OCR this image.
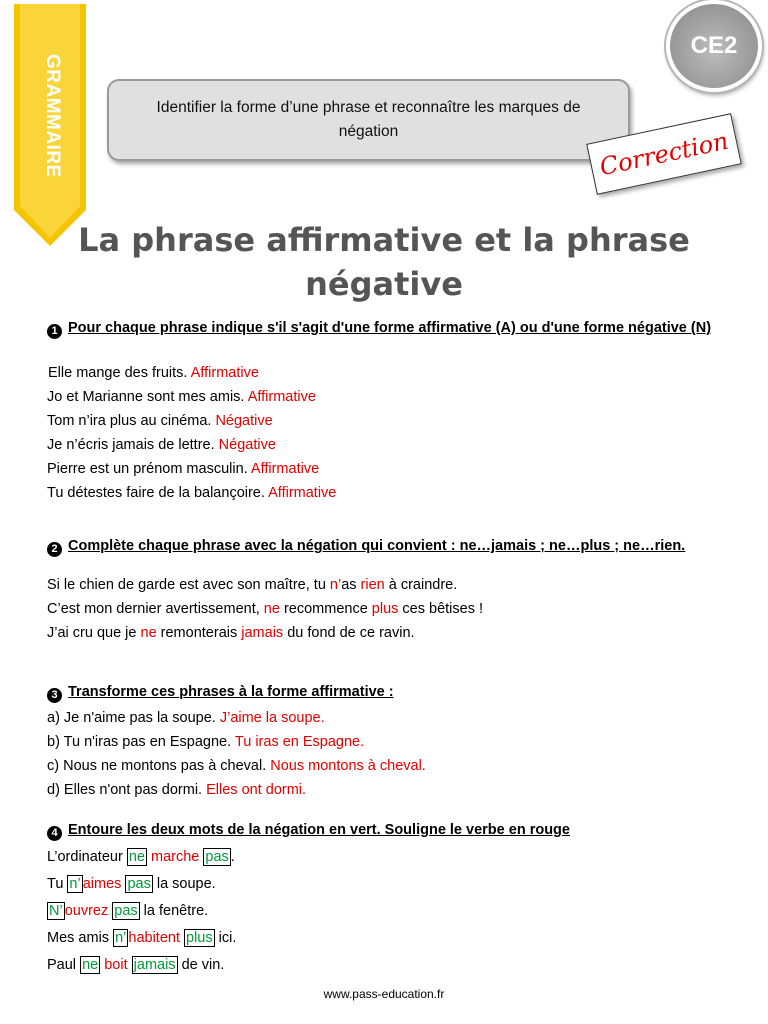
GRAMMAIRE	Identifier la forme d’une phrase et reconnaître les marques de négation
CE2
Correction
La phrase affirmative et la phrase négative
1 Pour chaque phrase indique s'il s'agit d'une forme affirmative (A) ou d'une forme négative (N)
Elle mange des fruits. Affirmative
Jo et Marianne sont mes amis. Affirmative
Tom n’ira plus au cinéma. Négative
Je n’écris jamais de lettre. Négative
Pierre est un prénom masculin. Affirmative
Tu détestes faire de la balançoire. Affirmative
2 Complète chaque phrase avec la négation qui convient : ne…jamais ; ne…plus ; ne…rien.
Si le chien de garde est avec son maître, tu n’as rien à craindre.
C’est mon dernier avertissement, ne recommence plus ces bêtises !
J’ai cru que je ne remonterais jamais du fond de ce ravin.
3 Transforme ces phrases à la forme affirmative :
a) Je n'aime pas la soupe. J’aime la soupe.
b) Tu n'iras pas en Espagne. Tu iras en Espagne.
c) Nous ne montons pas à cheval. Nous montons à cheval.
d) Elles n'ont pas dormi. Elles ont dormi.
4 Entoure les deux mots de la négation en vert. Souligne le verbe en rouge
L’ordinateur ne marche pas .
Tu n’ aimes pas la soupe.
N’ ouvrez pas la fenêtre.
Mes amis n’ habitent plus ici.
Paul ne boit jamais de vin.
www.pass-education.fr
